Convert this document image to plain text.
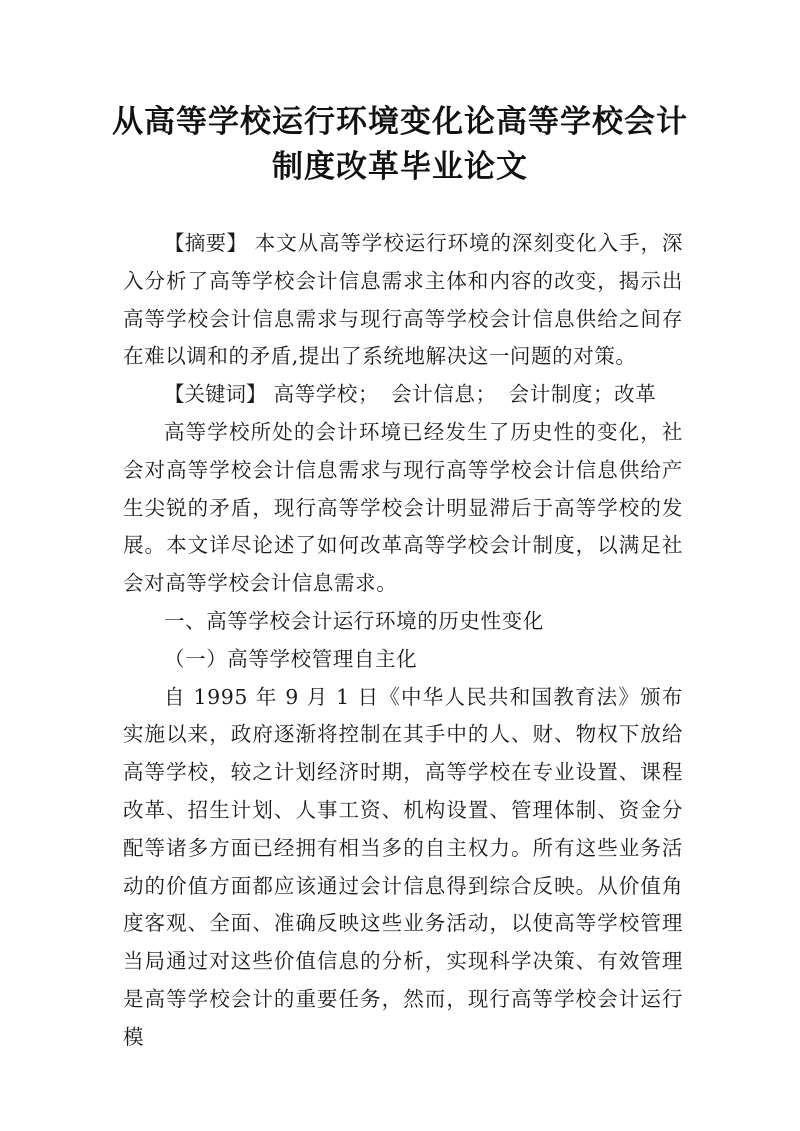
从高等学校运行环境变化论高等学校会计
制度改革毕业论文

【摘要】 本文从高等学校运行环境的深刻变化入手，深入分析了高等学校会计信息需求主体和内容的改变，揭示出高等学校会计信息需求与现行高等学校会计信息供给之间存在难以调和的矛盾,提出了系统地解决这一问题的对策。

【关键词】 高等学校； 会计信息； 会计制度；改革

高等学校所处的会计环境已经发生了历史性的变化，社会对高等学校会计信息需求与现行高等学校会计信息供给产生尖锐的矛盾，现行高等学校会计明显滞后于高等学校的发展。本文详尽论述了如何改革高等学校会计制度，以满足社会对高等学校会计信息需求。

一、高等学校会计运行环境的历史性变化

（一）高等学校管理自主化

自 1995 年 9 月 1 日《中华人民共和国教育法》颁布实施以来，政府逐渐将控制在其手中的人、财、物权下放给高等学校，较之计划经济时期，高等学校在专业设置、课程改革、招生计划、人事工资、机构设置、管理体制、资金分配等诸多方面已经拥有相当多的自主权力。所有这些业务活动的价值方面都应该通过会计信息得到综合反映。从价值角度客观、全面、准确反映这些业务活动，以使高等学校管理当局通过对这些价值信息的分析，实现科学决策、有效管理是高等学校会计的重要任务，然而，现行高等学校会计运行模
